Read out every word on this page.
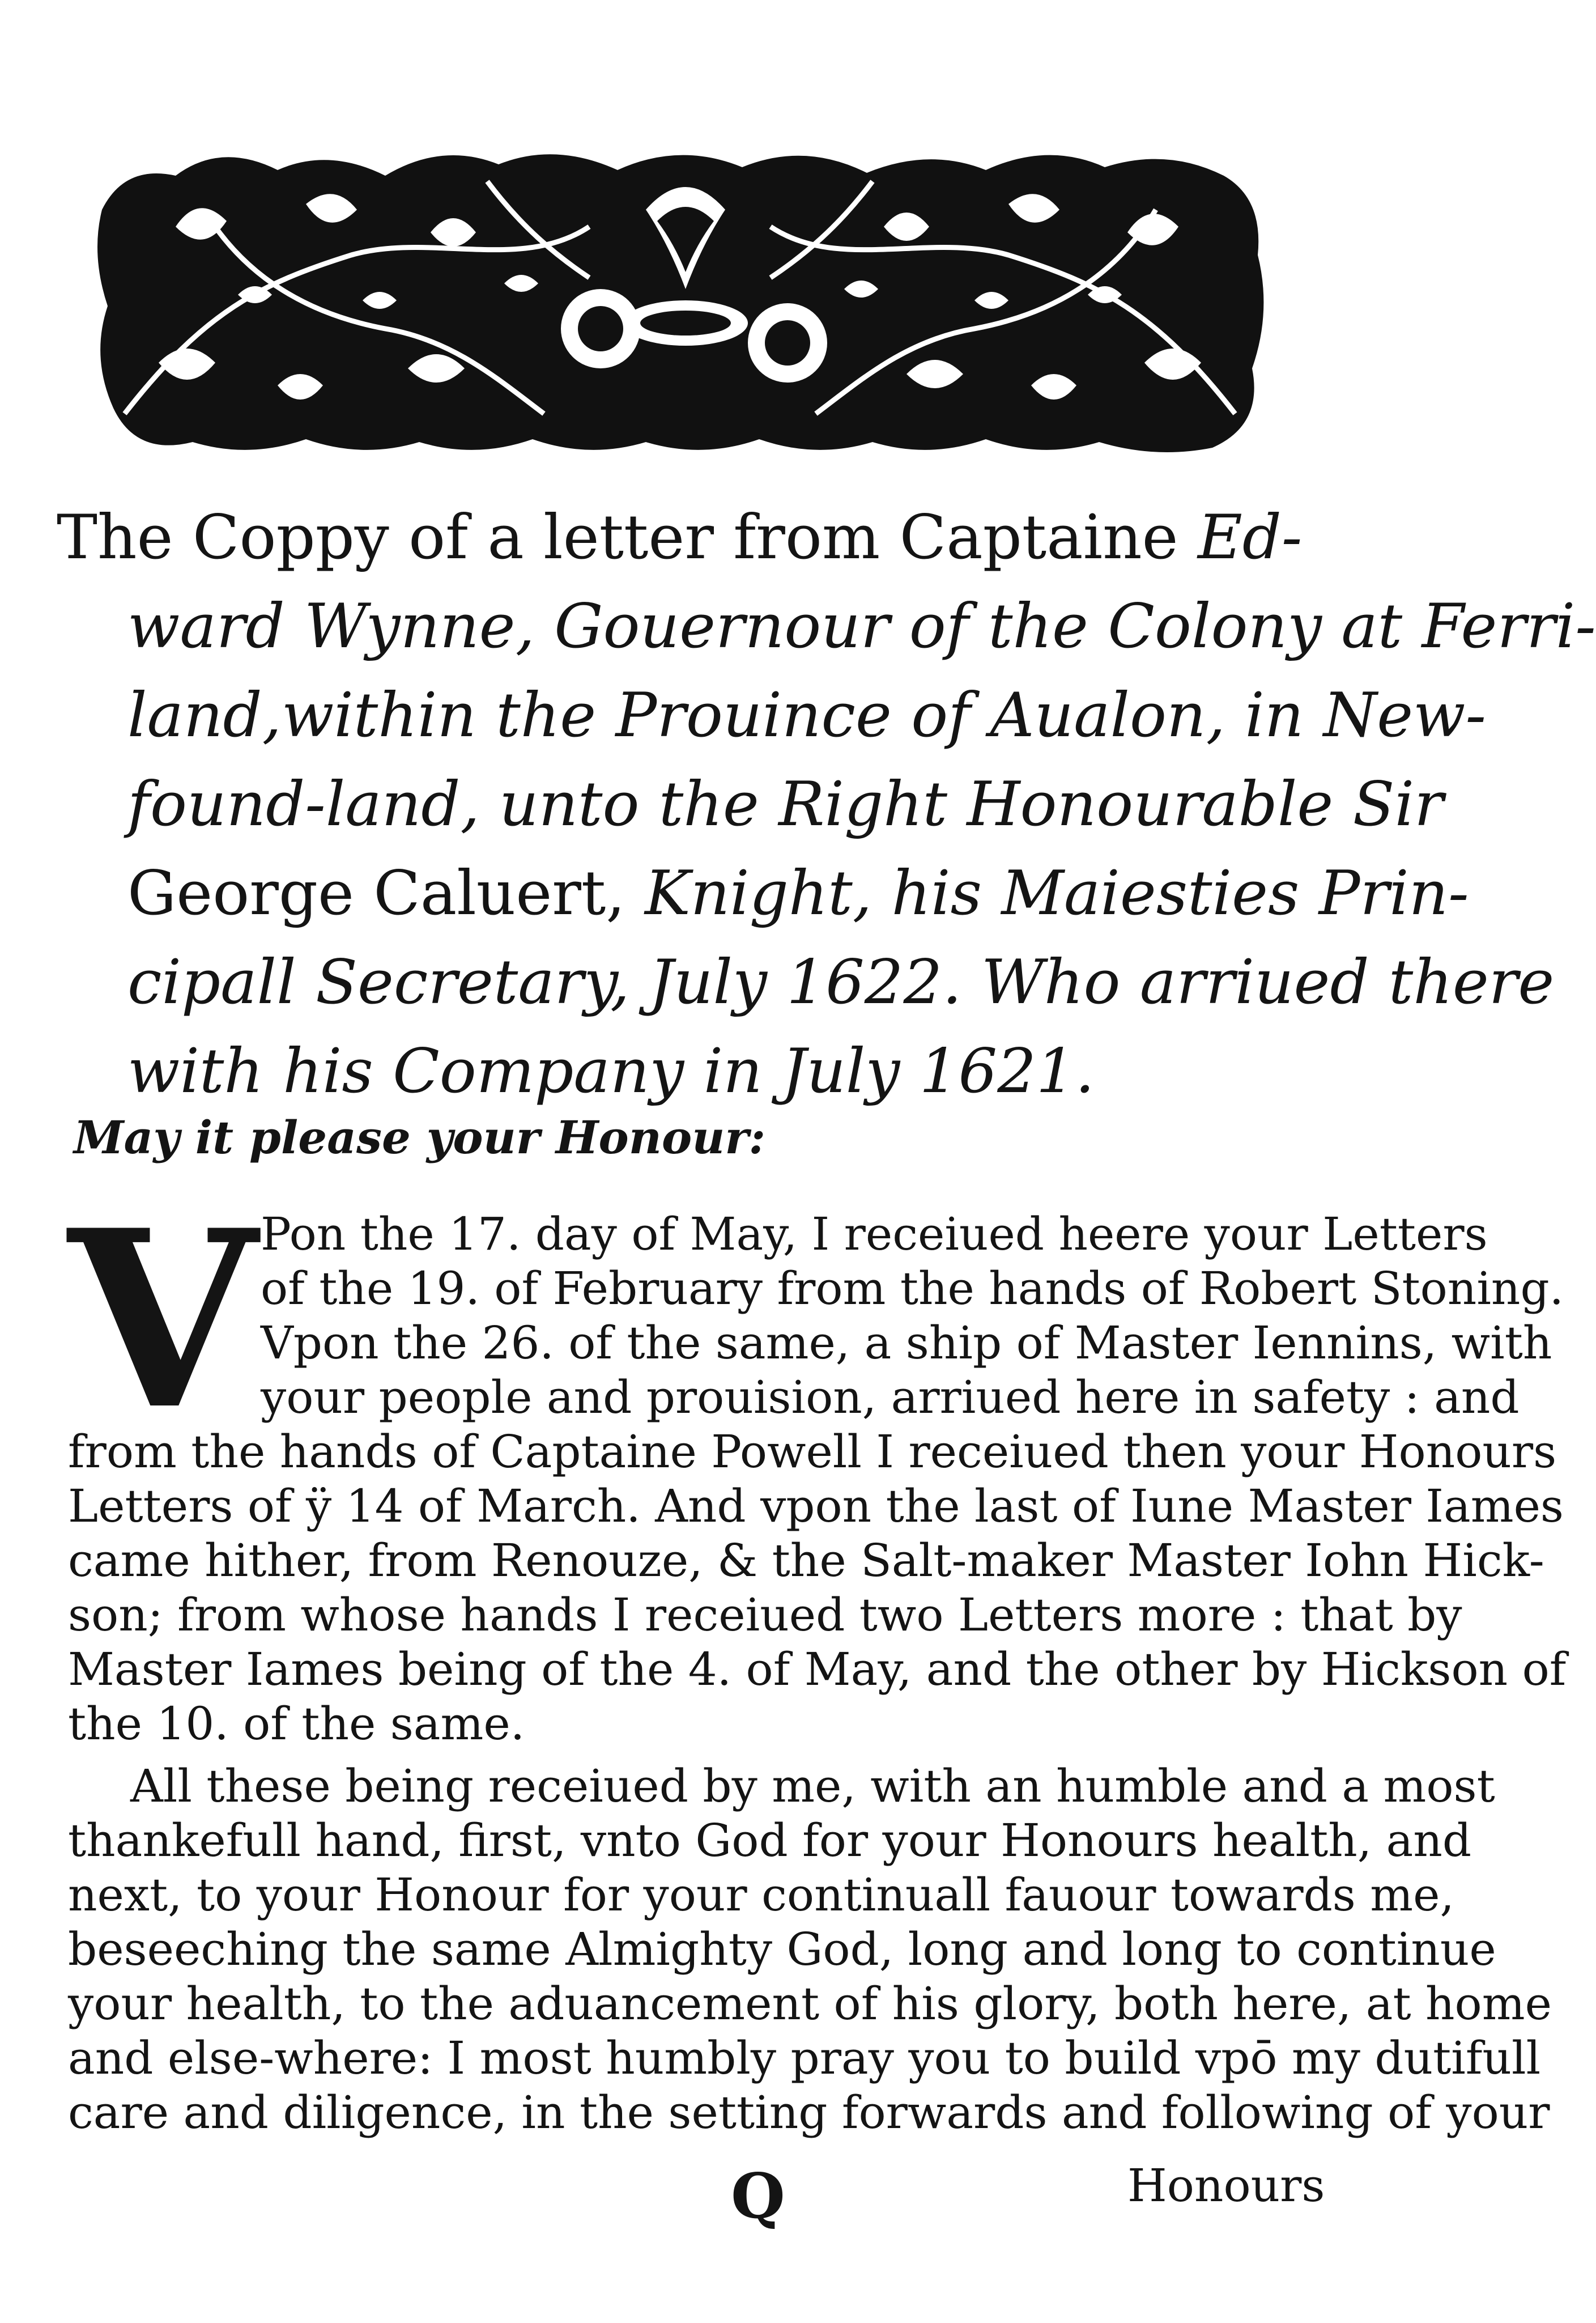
The Coppy of a letter from Captaine Ed-
ward Wynne, Gouernour of the Colony at Ferri-
land,within the Prouince of Aualon, in New-
found-land, unto the Right Honourable Sir
George Caluert, Knight, his Maiesties Prin-
cipall Secretary, July 1622. Who arriued there
with his Company in July 1621.
May it please your Honour:
V Pon the 17. day of May, I receiued heere your Letters
of the 19. of February from the hands of Robert Stoning.
Vpon the 26. of the same, a ship of Master Iennins, with
your people and prouision, arriued here in safety : and
from the hands of Captaine Powell I receiued then your Honours
Letters of ÿ 14 of March. And vpon the last of Iune Master Iames
came hither, from Renouze, & the Salt-maker Master Iohn Hick-
son; from whose hands I receiued two Letters more : that by
Master Iames being of the 4. of May, and the other by Hickson of
the 10. of the same.
All these being receiued by me, with an humble and a most
thankefull hand, first, vnto God for your Honours health, and
next, to your Honour for your continuall fauour towards me,
beseeching the same Almighty God, long and long to continue
your health, to the aduancement of his glory, both here, at home
and else-where: I most humbly pray you to build vpō my dutifull
care and diligence, in the setting forwards and following of your
Q	Honours
